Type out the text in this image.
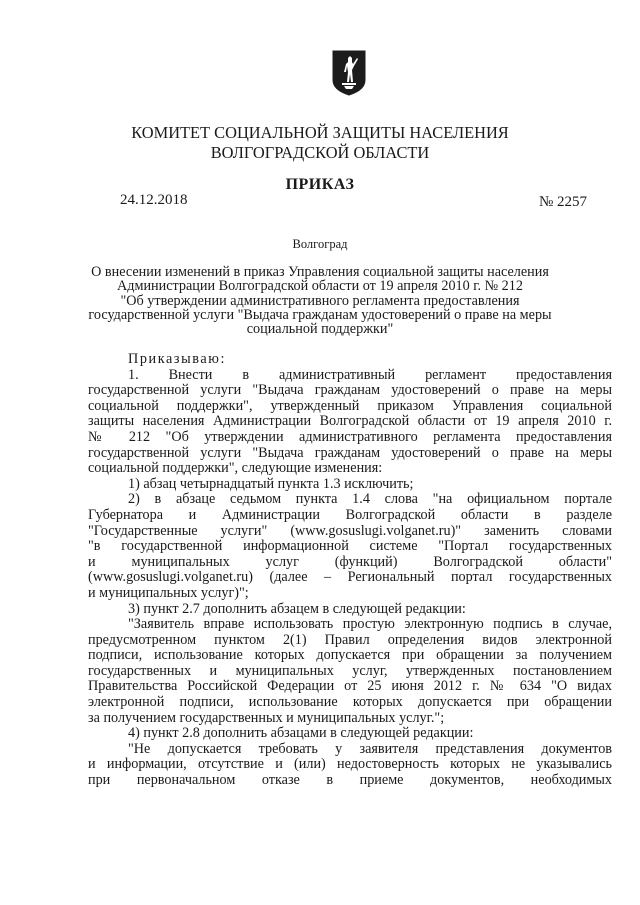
КОМИТЕТ СОЦИАЛЬНОЙ ЗАЩИТЫ НАСЕЛЕНИЯ
ВОЛГОГРАДСКОЙ ОБЛАСТИ
ПРИКАЗ
24.12.2018	№ 2257
Волгоград
О внесении изменений в приказ Управления социальной защиты населения
Администрации Волгоградской области от 19 апреля 2010 г. № 212
"Об утверждении административного регламента предоставления
государственной услуги "Выдача гражданам удостоверений о праве на меры
социальной поддержки"
Приказываю:
1. Внести в административный регламент предоставления
государственной услуги "Выдача гражданам удостоверений о праве на меры
социальной поддержки", утвержденный приказом Управления социальной
защиты населения Администрации Волгоградской области от 19 апреля 2010 г.
№ 212 "Об утверждении административного регламента предоставления
государственной услуги "Выдача гражданам удостоверений о праве на меры
социальной поддержки", следующие изменения:
1) абзац четырнадцатый пункта 1.3 исключить;
2) в абзаце седьмом пункта 1.4 слова "на официальном портале
Губернатора и Администрации Волгоградской области в разделе
"Государственные услуги" (www.gosuslugi.volganet.ru)" заменить словами
"в государственной информационной системе "Портал государственных
и муниципальных услуг (функций) Волгоградской области"
(www.gosuslugi.volganet.ru) (далее – Региональный портал государственных
и муниципальных услуг)";
3) пункт 2.7 дополнить абзацем в следующей редакции:
"Заявитель вправе использовать простую электронную подпись в случае,
предусмотренном пунктом 2(1) Правил определения видов электронной
подписи, использование которых допускается при обращении за получением
государственных и муниципальных услуг, утвержденных постановлением
Правительства Российской Федерации от 25 июня 2012 г. № 634 "О видах
электронной подписи, использование которых допускается при обращении
за получением государственных и муниципальных услуг.";
4) пункт 2.8 дополнить абзацами в следующей редакции:
"Не допускается требовать у заявителя представления документов
и информации, отсутствие и (или) недостоверность которых не указывались
при первоначальном отказе в приеме документов, необходимых
